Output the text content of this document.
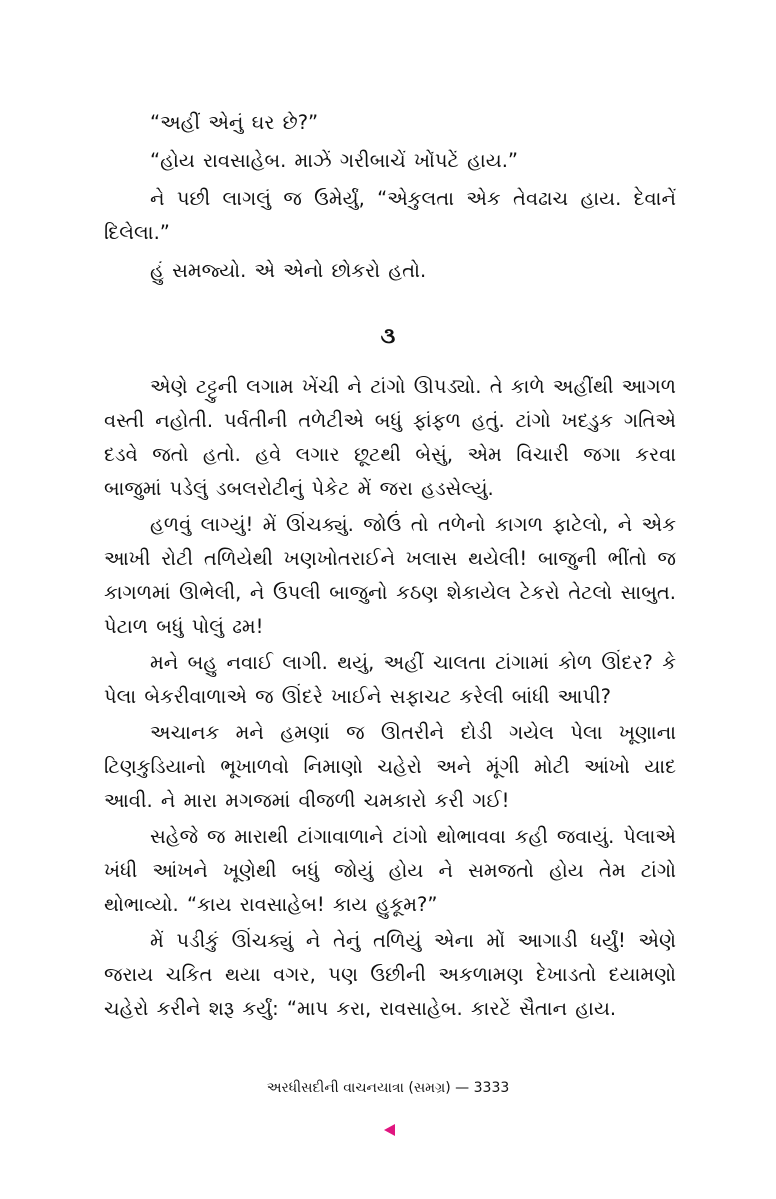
“અહીં એનું ઘર છે?”

“હોય રાવસાહેબ. માઝેં ગરીબાચેં ખોંપટેં હાય.”

ને પછી લાગલું જ ઉમેર્યું, “એકુલતા એક તેવઢાચ હાય. દેવાનેં દિલેલા.”

હું સમજ્યો. એ એનો છોકરો હતો.

૩

એણે ટટ્ટુની લગામ ખેંચી ને ટાંગો ઊપડ્યો. તે કાળે અહીંથી આગળ વસ્તી નહોતી. પર્વતીની તળેટીએ બધું ફાંફળ હતું. ટાંગો ખદડુક ગતિએ દડવે જતો હતો. હવે લગાર છૂટથી બેસું, એમ વિચારી જગા કરવા બાજુમાં પડેલું ડબલરોટીનું પેકેટ મેં જરા હડસેલ્યું.

હળવું લાગ્યું! મેં ઊંચક્યું. જોઉં તો તળેનો કાગળ ફાટેલો, ને એક આખી રોટી તળિયેથી ખણખોતરાઈને ખલાસ થયેલી! બાજુની ભીંતો જ કાગળમાં ઊભેલી, ને ઉપલી બાજુનો કઠણ શેકાયેલ ટેકરો તેટલો સાબુત. પેટાળ બધું પોલું ઢમ!

મને બહુ નવાઈ લાગી. થયું, અહીં ચાલતા ટાંગામાં કોળ ઊંદર? કે પેલા બેકરીવાળાએ જ ઊંદરે ખાઈને સફાચટ કરેલી બાંધી આપી?

અચાનક મને હમણાં જ ઊતરીને દોડી ગયેલ પેલા ખૂણાના ટિણકુડિયાનો ભૂખાળવો નિમાણો ચહેરો અને મૂંગી મોટી આંખો યાદ આવી. ને મારા મગજમાં વીજળી ચમકારો કરી ગઈ!

સહેજે જ મારાથી ટાંગાવાળાને ટાંગો થોભાવવા કહી જવાયું. પેલાએ ખંધી આંખને ખૂણેથી બધું જોયું હોય ને સમજતો હોય તેમ ટાંગો થોભાવ્યો. “કાય રાવસાહેબ! કાય હુકૂમ?”

મેં પડીકું ઊંચક્યું ને તેનું તળિયું એના મોં આગાડી ધર્યું! એણે જરાય ચકિત થયા વગર, પણ ઉછીની અકળામણ દેખાડતો દયામણો ચહેરો કરીને શરૂ કર્યું: “માપ કરા, રાવસાહેબ. કારટેં સૈતાન હાય.

અરધીસદીની વાચનયાત્રા (સમગ્ર) — 3333
